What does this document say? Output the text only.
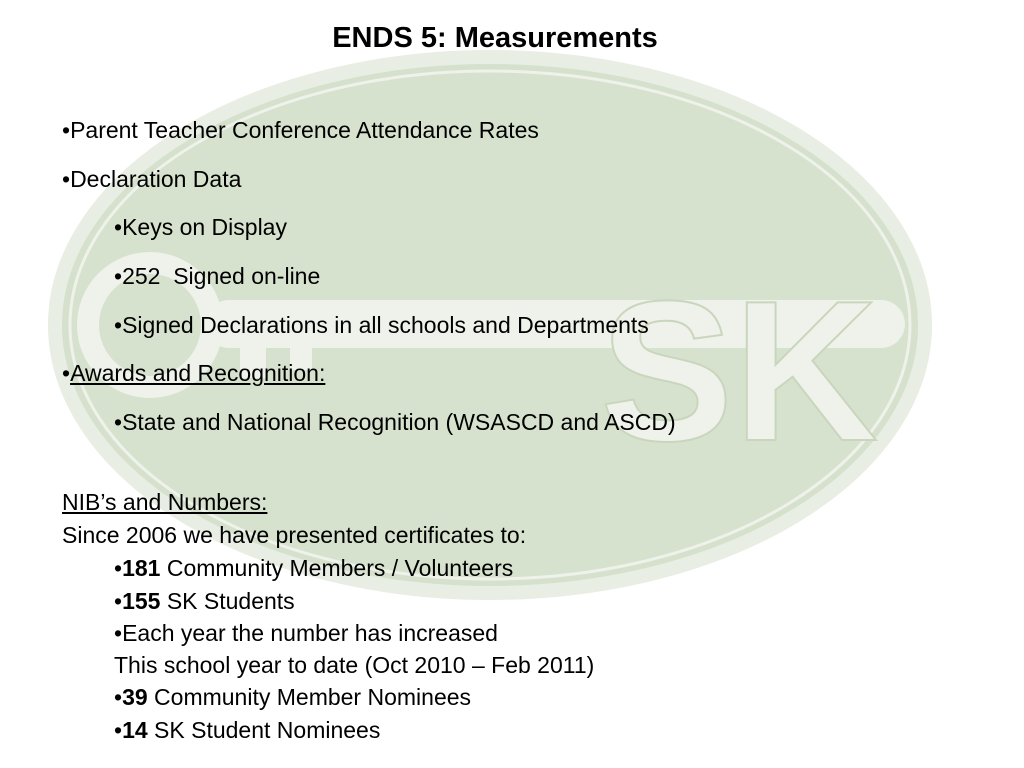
SK
ENDS 5: Measurements
•Parent Teacher Conference Attendance Rates
•Declaration Data
•Keys on Display
•252  Signed on-line
•Signed Declarations in all schools and Departments
•Awards and Recognition:
•State and National Recognition (WSASCD and ASCD)
NIB’s and Numbers:
Since 2006 we have presented certificates to:
•181 Community Members / Volunteers
•155 SK Students
•Each year the number has increased
This school year to date (Oct 2010 – Feb 2011)
•39 Community Member Nominees
•14 SK Student Nominees
